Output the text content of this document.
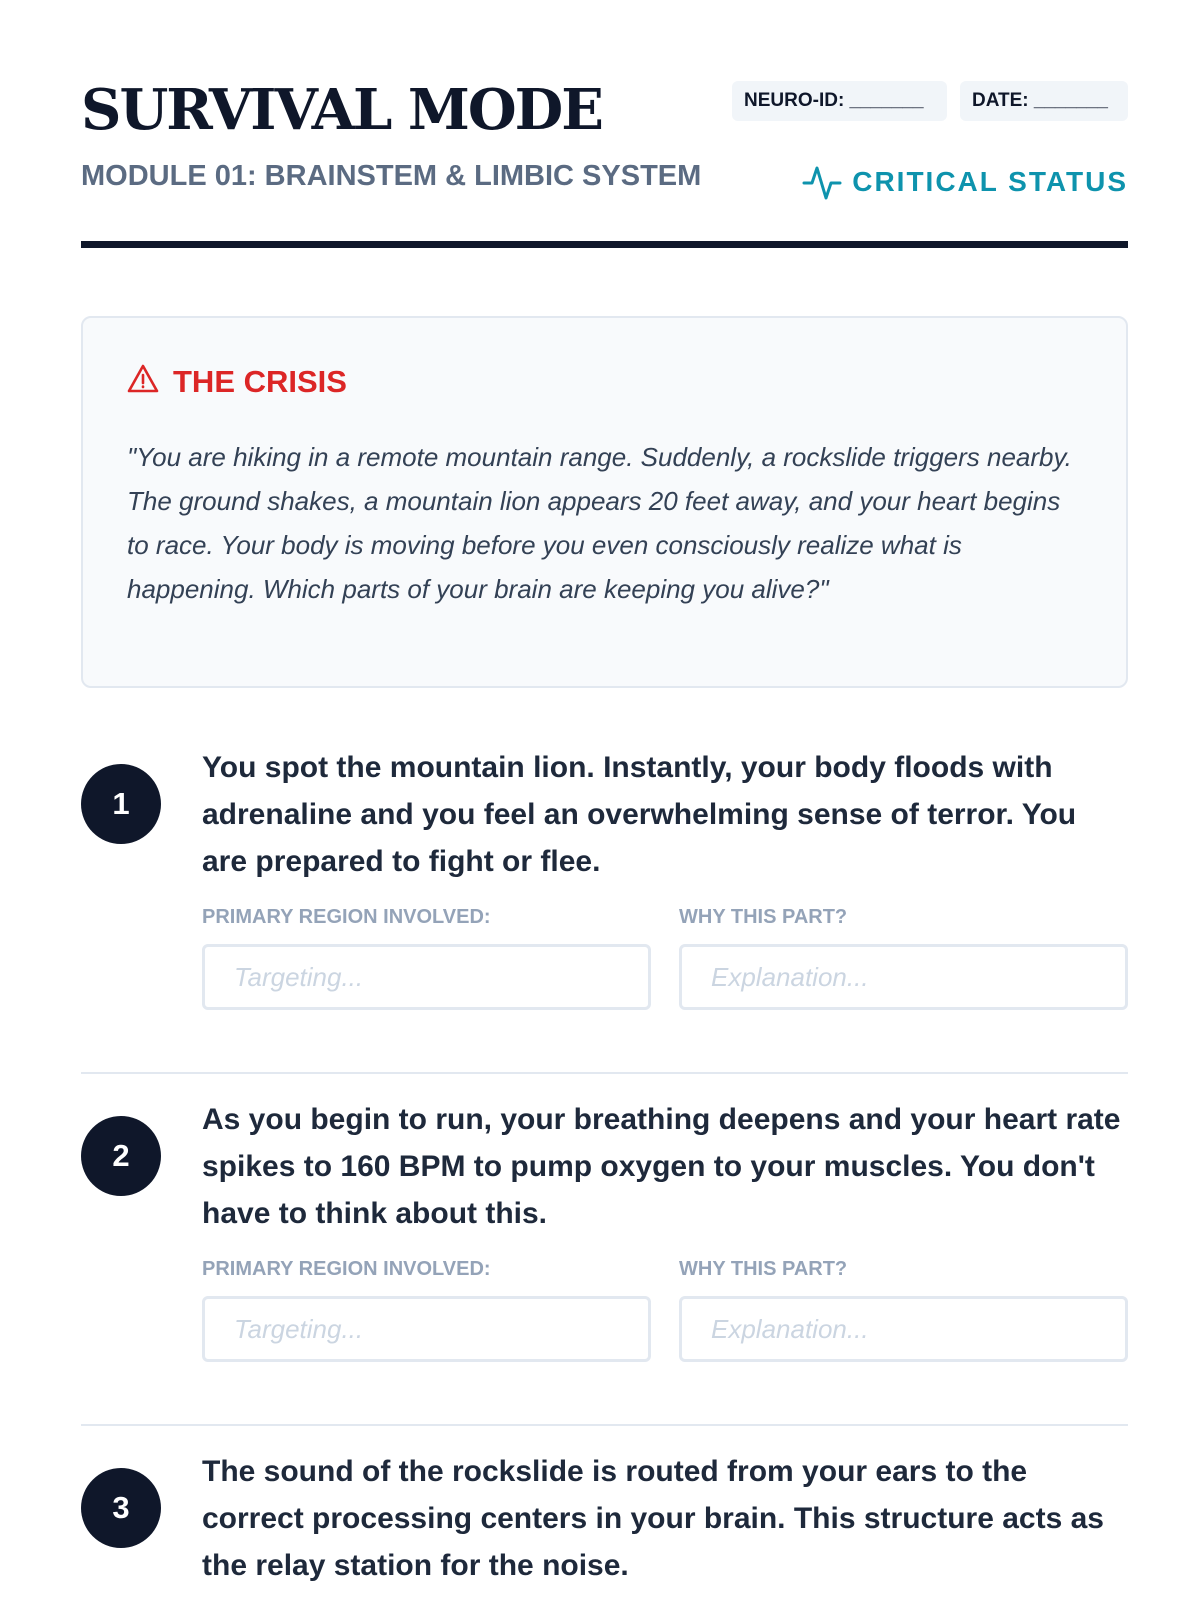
SURVIVAL MODE
MODULE 01: BRAINSTEM & LIMBIC SYSTEM
NEURO-ID: _______	DATE: _______
CRITICAL STATUS
THE CRISIS

"You are hiking in a remote mountain range. Suddenly, a rockslide triggers nearby. The ground shakes, a mountain lion appears 20 feet away, and your heart begins to race. Your body is moving before you even consciously realize what is happening. Which parts of your brain are keeping you alive?"

1

You spot the mountain lion. Instantly, your body floods with adrenaline and you feel an overwhelming sense of terror. You are prepared to fight or flee.

PRIMARY REGION INVOLVED:	WHY THIS PART?
Targeting...
Explanation...
2

As you begin to run, your breathing deepens and your heart rate spikes to 160 BPM to pump oxygen to your muscles. You don't have to think about this.

PRIMARY REGION INVOLVED:	WHY THIS PART?
Targeting...
Explanation...
3

The sound of the rockslide is routed from your ears to the correct processing centers in your brain. This structure acts as the relay station for the noise.
